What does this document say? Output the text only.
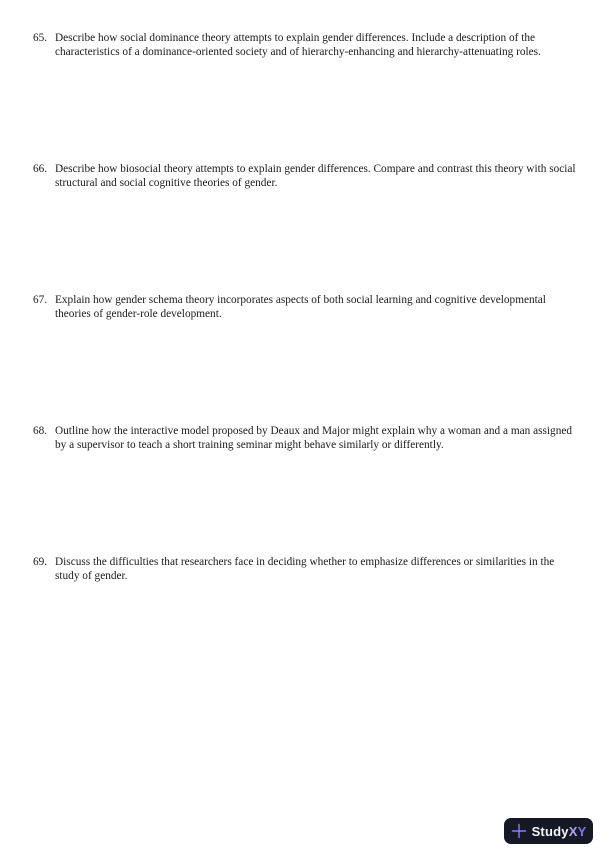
65. Describe how social dominance theory attempts to explain gender differences. Include a description of the characteristics of a dominance-oriented society and of hierarchy-enhancing and hierarchy-attenuating roles.
66. Describe how biosocial theory attempts to explain gender differences. Compare and contrast this theory with social structural and social cognitive theories of gender.
67. Explain how gender schema theory incorporates aspects of both social learning and cognitive developmental theories of gender-role development.
68. Outline how the interactive model proposed by Deaux and Major might explain why a woman and a man assigned by a supervisor to teach a short training seminar might behave similarly or differently.
69. Discuss the difficulties that researchers face in deciding whether to emphasize differences or similarities in the study of gender.
StudyXY
